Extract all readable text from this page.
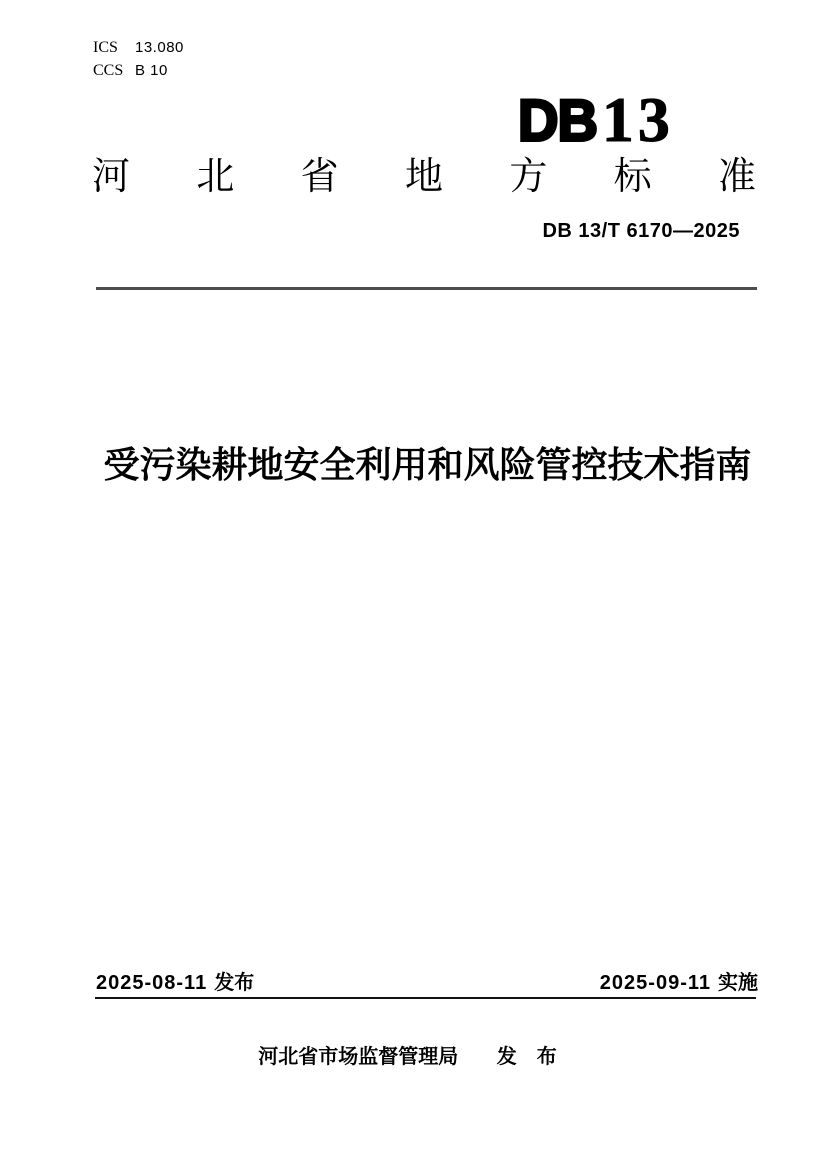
ICS 13.080
CCS B 10
DB 13
河 北 省 地 方 标 准
DB 13/T 6170—2025
受污染耕地安全利用和风险管控技术指南
2025-08-11 发布	2025-09-11 实施
河北省市场监督管理局 发　布
